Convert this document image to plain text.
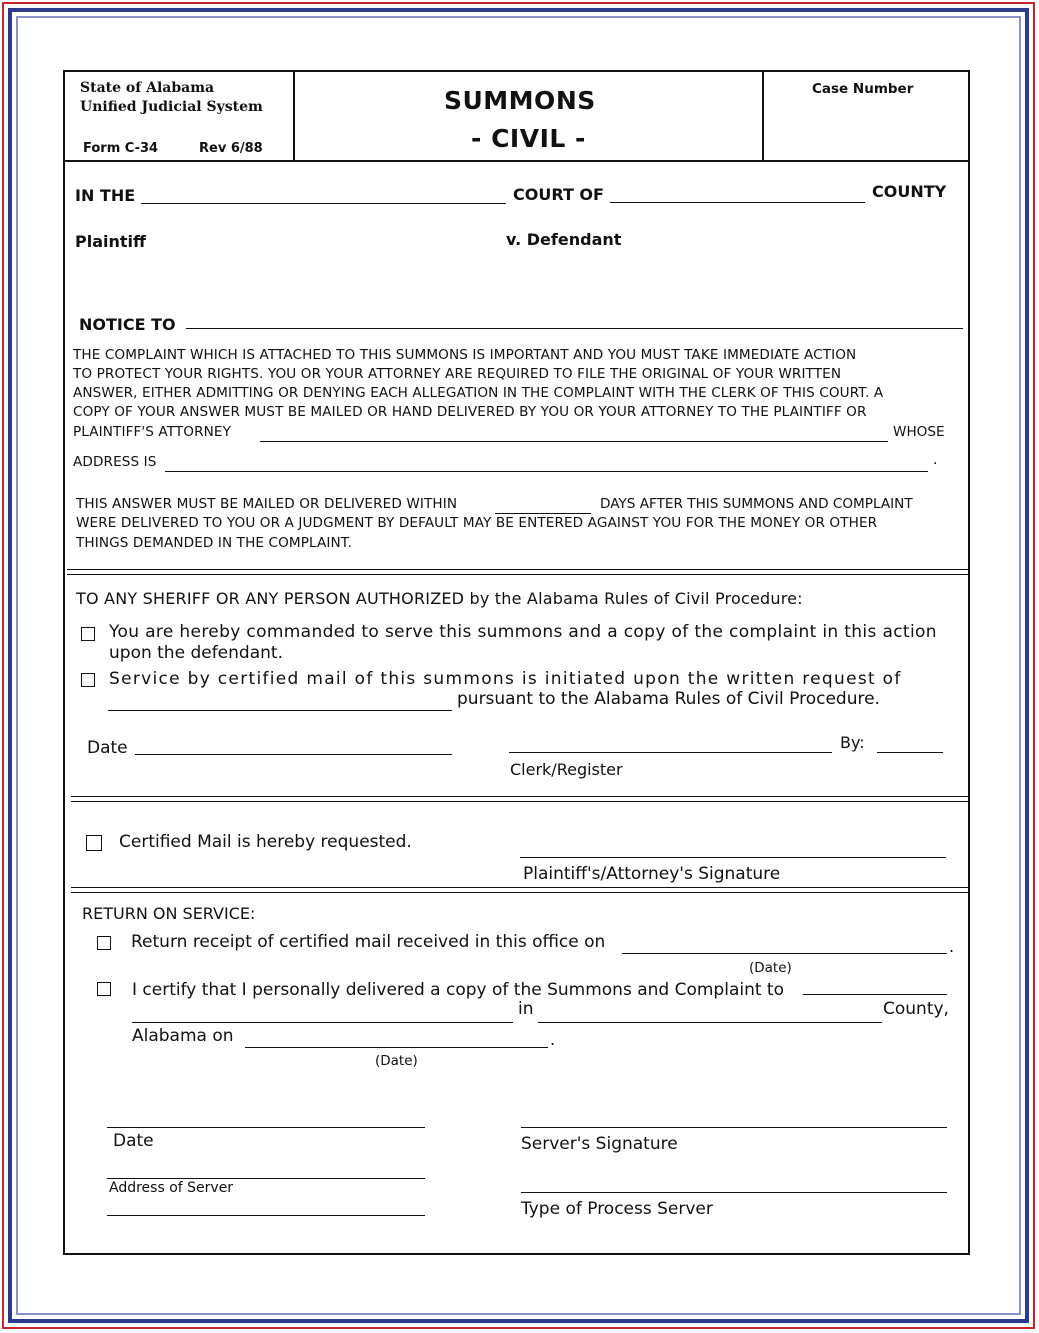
State of Alabama
Unified Judicial System
Form C-34	Rev 6/88
SUMMONS
- CIVIL -
Case Number
IN THE	COURT OF	COUNTY
Plaintiff	v. Defendant
NOTICE TO
THE COMPLAINT WHICH IS ATTACHED TO THIS SUMMONS IS IMPORTANT AND YOU MUST TAKE IMMEDIATE ACTION
TO PROTECT YOUR RIGHTS. YOU OR YOUR ATTORNEY ARE REQUIRED TO FILE THE ORIGINAL OF YOUR WRITTEN
ANSWER, EITHER ADMITTING OR DENYING EACH ALLEGATION IN THE COMPLAINT WITH THE CLERK OF THIS COURT. A
COPY OF YOUR ANSWER MUST BE MAILED OR HAND DELIVERED BY YOU OR YOUR ATTORNEY TO THE PLAINTIFF OR
PLAINTIFF'S ATTORNEY	WHOSE
ADDRESS IS	.
THIS ANSWER MUST BE MAILED OR DELIVERED WITHIN	DAYS AFTER THIS SUMMONS AND COMPLAINT
WERE DELIVERED TO YOU OR A JUDGMENT BY DEFAULT MAY BE ENTERED AGAINST YOU FOR THE MONEY OR OTHER
THINGS DEMANDED IN THE COMPLAINT.
TO ANY SHERIFF OR ANY PERSON AUTHORIZED by the Alabama Rules of Civil Procedure:
You are hereby commanded to serve this summons and a copy of the complaint in this action
upon the defendant.
Service by certified mail of this summons is initiated upon the written request of
pursuant to the Alabama Rules of Civil Procedure.
Date	By:
Clerk/Register
Certified Mail is hereby requested.
Plaintiff's/Attorney's Signature
RETURN ON SERVICE:
Return receipt of certified mail received in this office on	.
(Date)
I certify that I personally delivered a copy of the Summons and Complaint to
in	County,
Alabama on	.
(Date)
Date	Server's Signature
Address of Server
Type of Process Server
